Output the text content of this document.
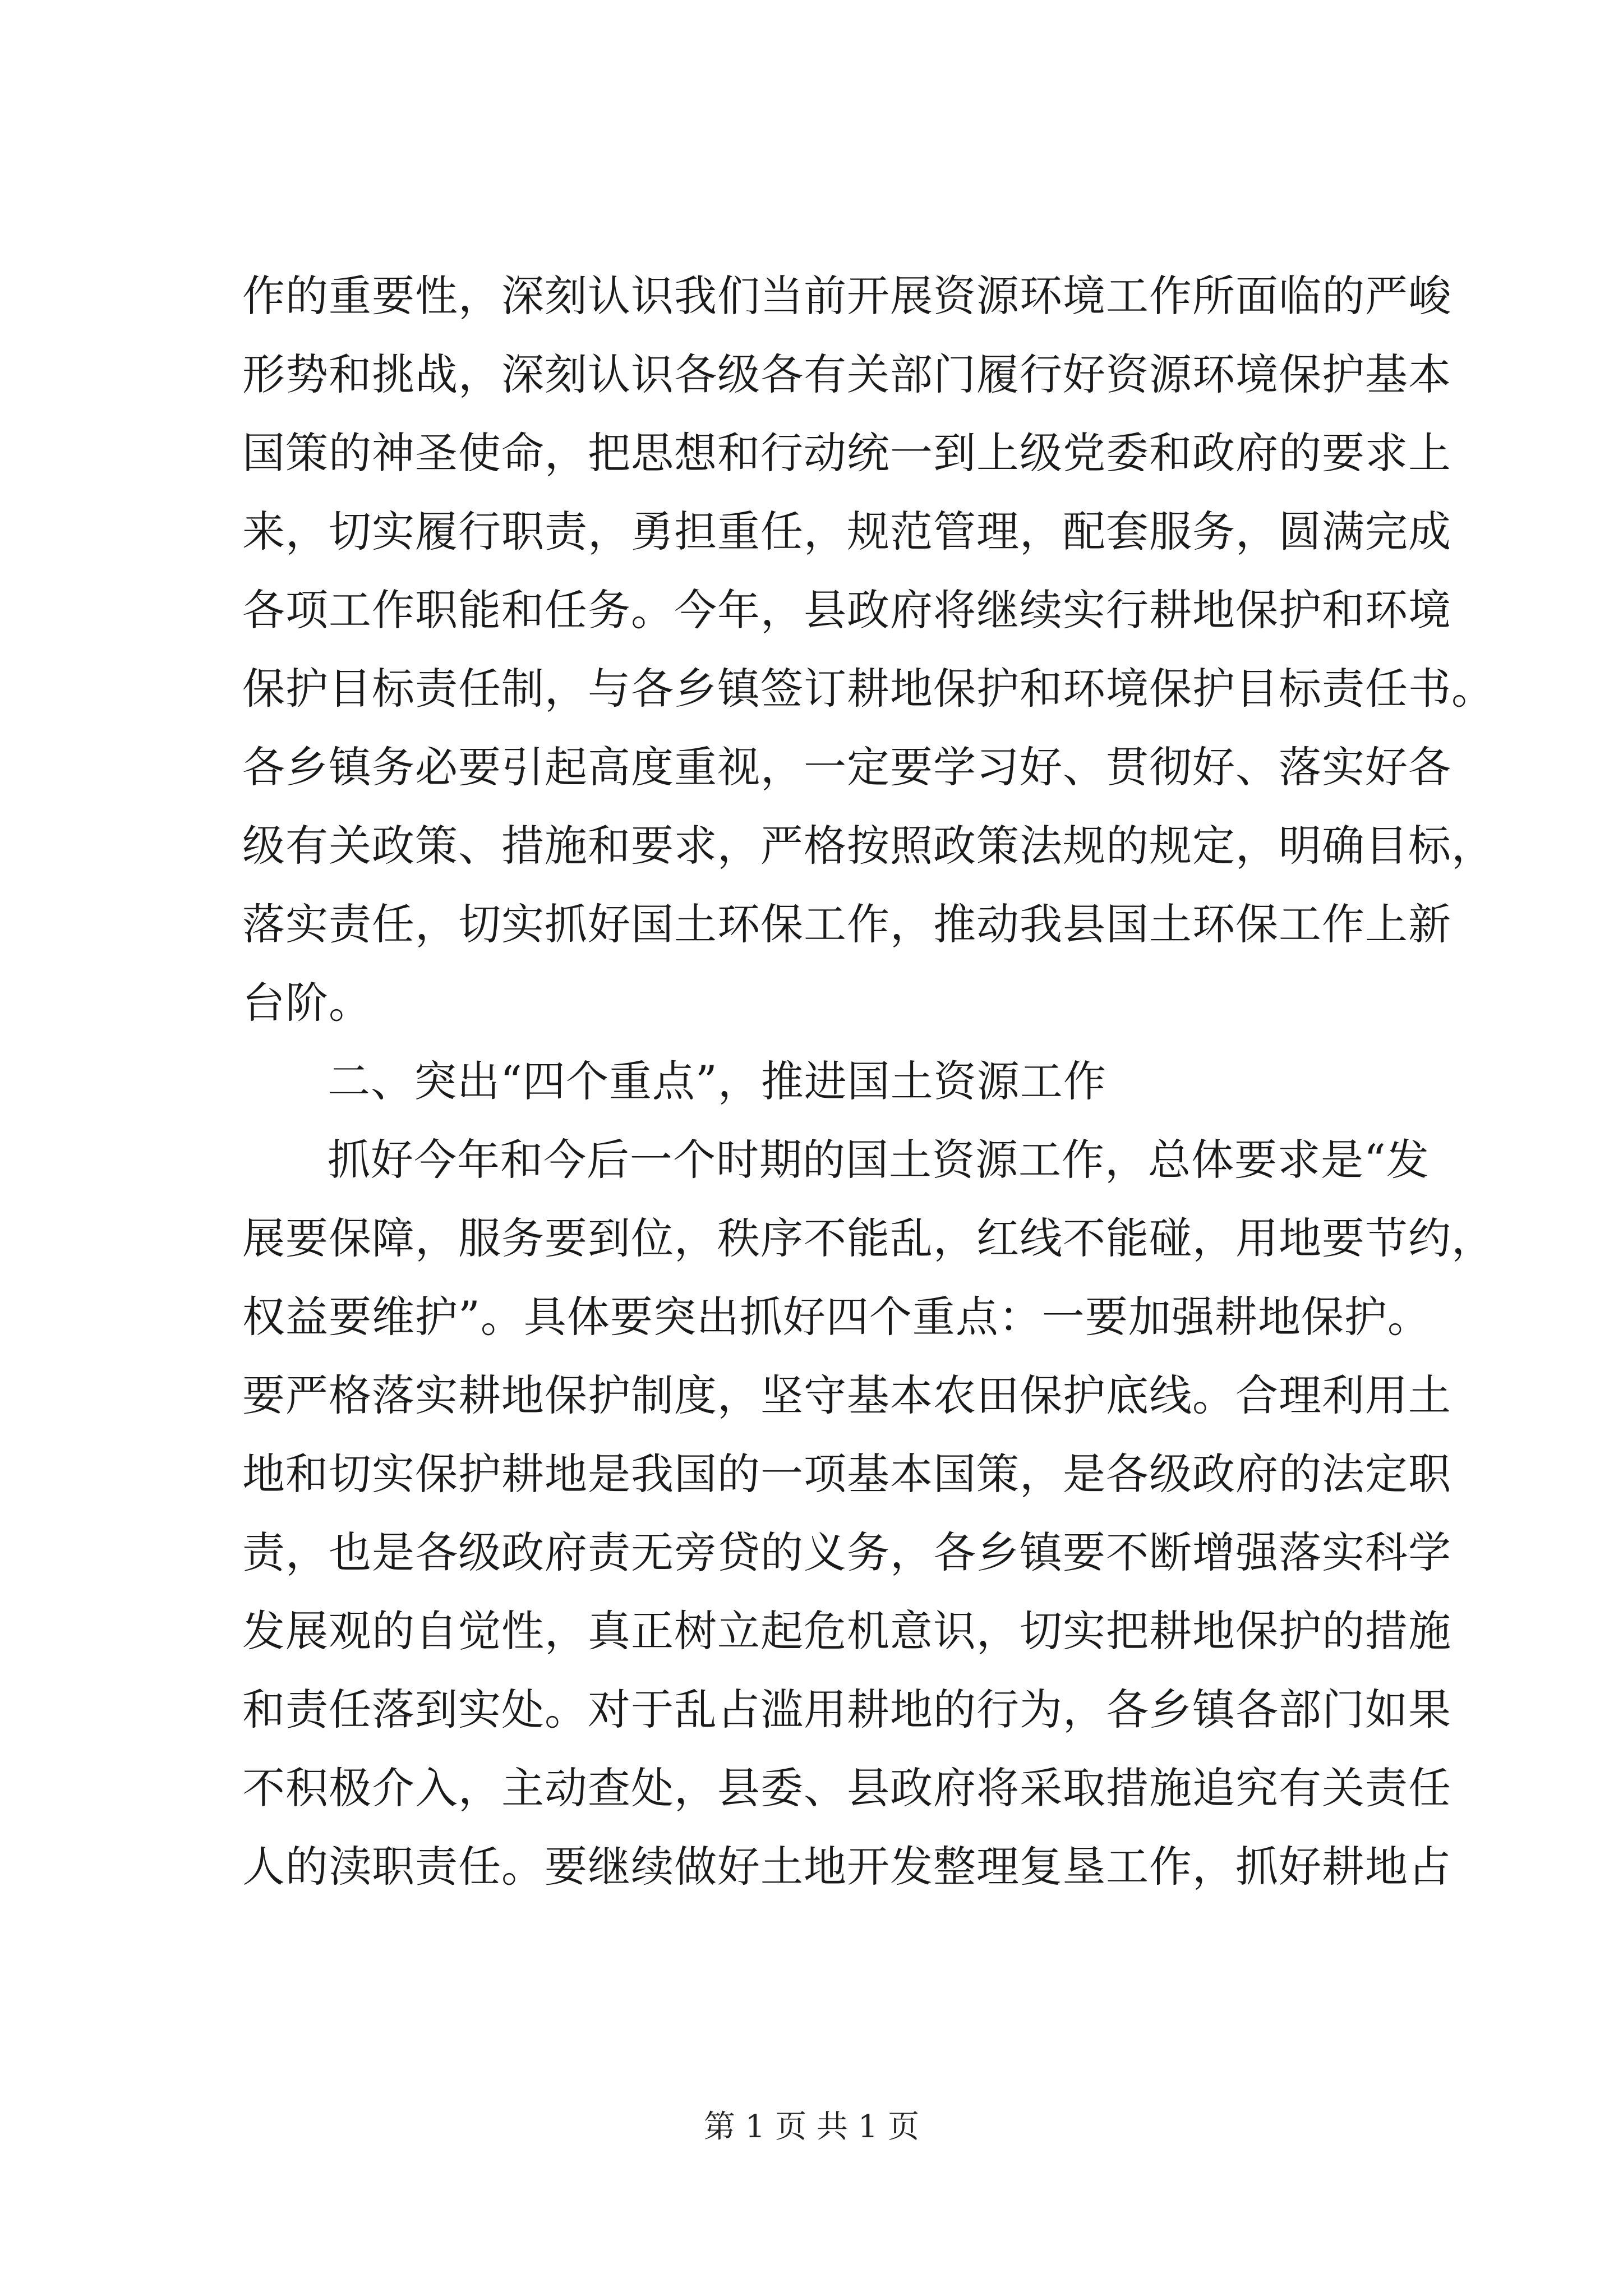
作的重要性，深刻认识我们当前开展资源环境工作所面临的严峻
形势和挑战，深刻认识各级各有关部门履行好资源环境保护基本
国策的神圣使命，把思想和行动统一到上级党委和政府的要求上
来，切实履行职责，勇担重任，规范管理，配套服务，圆满完成
各项工作职能和任务。今年，县政府将继续实行耕地保护和环境
保护目标责任制，与各乡镇签订耕地保护和环境保护目标责任书。
各乡镇务必要引起高度重视，一定要学习好、贯彻好、落实好各
级有关政策、措施和要求，严格按照政策法规的规定，明确目标，
落实责任，切实抓好国土环保工作，推动我县国土环保工作上新
台阶。
二、突出“四个重点”，推进国土资源工作
抓好今年和今后一个时期的国土资源工作，总体要求是“发
展要保障，服务要到位，秩序不能乱，红线不能碰，用地要节约，
权益要维护”。具体要突出抓好四个重点：一要加强耕地保护。
要严格落实耕地保护制度，坚守基本农田保护底线。合理利用土
地和切实保护耕地是我国的一项基本国策，是各级政府的法定职
责，也是各级政府责无旁贷的义务，各乡镇要不断增强落实科学
发展观的自觉性，真正树立起危机意识，切实把耕地保护的措施
和责任落到实处。对于乱占滥用耕地的行为，各乡镇各部门如果
不积极介入，主动查处，县委、县政府将采取措施追究有关责任
人的渎职责任。要继续做好土地开发整理复垦工作，抓好耕地占
第 1 页 共 1 页
